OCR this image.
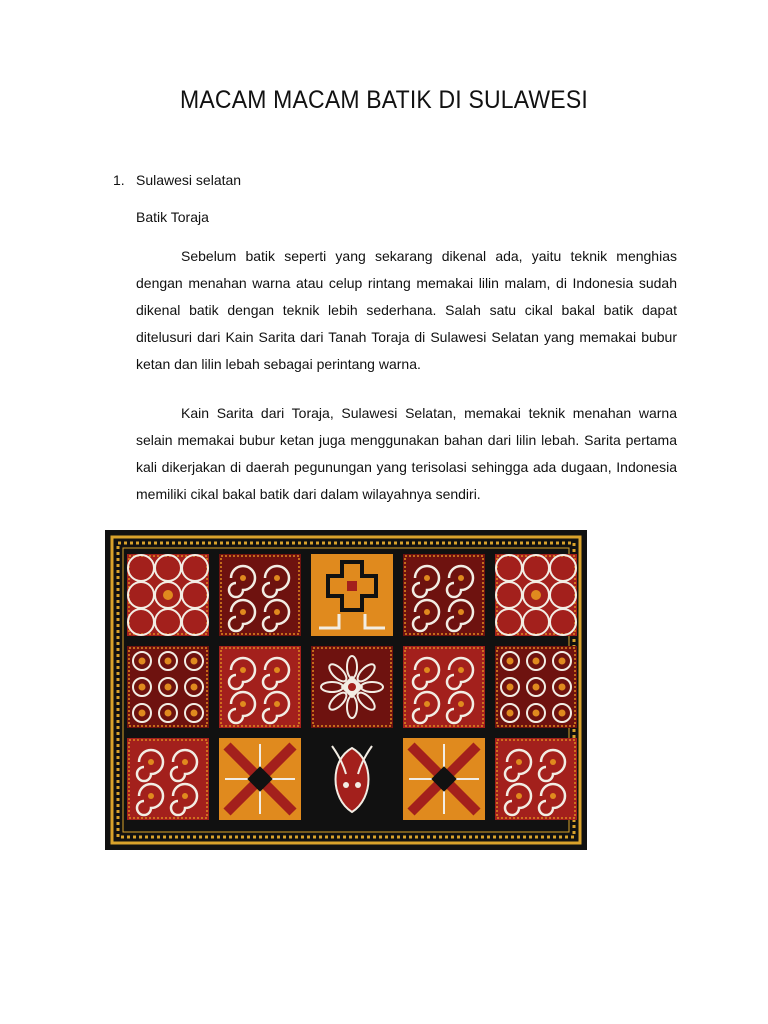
MACAM MACAM BATIK DI SULAWESI
1. Sulawesi selatan
Batik Toraja

Sebelum batik seperti yang sekarang dikenal ada, yaitu teknik menghias dengan menahan warna atau celup rintang memakai lilin malam, di Indonesia sudah dikenal batik dengan teknik lebih sederhana. Salah satu cikal bakal batik dapat ditelusuri dari Kain Sarita dari Tanah Toraja di Sulawesi Selatan yang memakai bubur ketan dan lilin lebah sebagai perintang warna.

Kain Sarita dari Toraja, Sulawesi Selatan, memakai teknik menahan warna selain memakai bubur ketan juga menggunakan bahan dari lilin lebah. Sarita pertama kali dikerjakan di daerah pegunungan yang terisolasi sehingga ada dugaan, Indonesia memiliki cikal bakal batik dari dalam wilayahnya sendiri.
